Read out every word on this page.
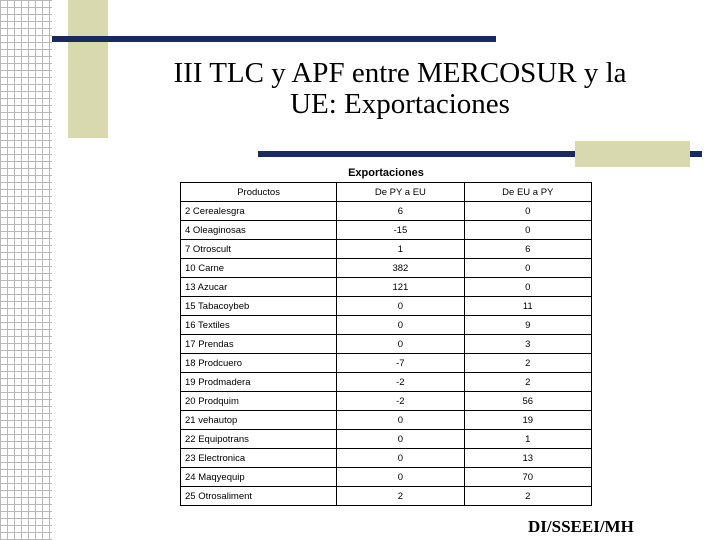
III TLC y APF entre MERCOSUR y la
UE: Exportaciones
Exportaciones
Productos	De PY a EU	De EU a PY
2 Cerealesgra	6	0
4 Oleaginosas	-15	0
7 Otroscult	1	6
10 Carne	382	0
13 Azucar	121	0
15 Tabacoybeb	0	11
16 Textiles	0	9
17 Prendas	0	3
18 Prodcuero	-7	2
19 Prodmadera	-2	2
20 Prodquim	-2	56
21 vehautop	0	19
22 Equipotrans	0	1
23 Electronica	0	13
24 Maqyequip	0	70
25 Otrosaliment	2	2
DI/SSEEI/MH
